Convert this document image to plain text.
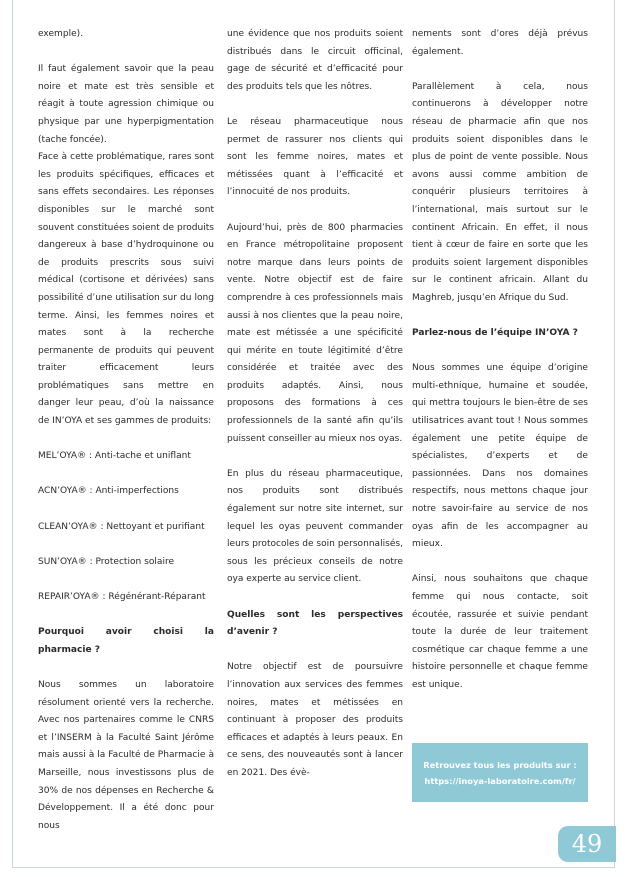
exemple).

Il faut également savoir que la peau noire et mate est très sensible et réagit à toute agression chimique ou physique par une hyperpigmentation (tache foncée).

Face à cette problématique, rares sont les produits spécifiques, efficaces et sans effets secondaires. Les réponses disponibles sur le marché sont souvent constituées soient de produits dangereux à base d’hydroquinone ou de produits prescrits sous suivi médical (cortisone et dérivées) sans possibilité d’une utilisation sur du long terme. Ainsi, les femmes noires et mates sont à la recherche permanente de produits qui peuvent traiter efficacement leurs problématiques sans mettre en danger leur peau, d’où la naissance de IN’OYA et ses gammes de produits:

MEL’OYA® : Anti-tache et uniflant

ACN’OYA® : Anti-imperfections

CLEAN’OYA® : Nettoyant et purifiant

SUN’OYA® : Protection solaire

REPAIR’OYA® : Régénérant-Réparant

Pourquoi avoir choisi la pharmacie ?

Nous sommes un laboratoire résolument orienté vers la recherche. Avec nos partenaires comme le CNRS et l’INSERM à la Faculté Saint Jérôme mais aussi à la Faculté de Pharmacie à Marseille, nous investissons plus de 30% de nos dépenses en Recherche & Développement. Il a été donc pour nous

une évidence que nos produits soient distribués dans le circuit officinal, gage de sécurité et d’efficacité pour des produits tels que les nôtres.

Le réseau pharmaceutique nous permet de rassurer nos clients qui sont les femme noires, mates et métissées quant à l’efficacité et l’innocuité de nos produits.

Aujourd’hui, près de 800 pharmacies en France métropolitaine proposent notre marque dans leurs points de vente. Notre objectif est de faire comprendre à ces professionnels mais aussi à nos clientes que la peau noire, mate est métissée a une spécificité qui mérite en toute légitimité d’être considérée et traitée avec des produits adaptés. Ainsi, nous proposons des formations à ces professionnels de la santé afin qu’ils puissent conseiller au mieux nos oyas.

En plus du réseau pharmaceutique, nos produits sont distribués également sur notre site internet, sur lequel les oyas peuvent commander leurs protocoles de soin personnalisés, sous les précieux conseils de notre oya experte au service client.

Quelles sont les perspectives d’avenir ?

Notre objectif est de poursuivre l’innovation aux services des femmes noires, mates et métissées en continuant à proposer des produits efficaces et adaptés à leurs peaux. En ce sens, des nouveautés sont à lancer en 2021. Des évè-

nements sont d’ores déjà prévus également.

Parallèlement à cela, nous continuerons à développer notre réseau de pharmacie afin que nos produits soient disponibles dans le plus de point de vente possible. Nous avons aussi comme ambition de conquérir plusieurs territoires à l’international, mais surtout sur le continent Africain. En effet, il nous tient à cœur de faire en sorte que les produits soient largement disponibles sur le continent africain. Allant du Maghreb, jusqu’en Afrique du Sud.

Parlez-nous de l’équipe IN’OYA ?

Nous sommes une équipe d’origine multi-ethnique, humaine et soudée, qui mettra toujours le bien-être de ses utilisatrices avant tout ! Nous sommes également une petite équipe de spécialistes, d’experts et de passionnées. Dans nos domaines respectifs, nous mettons chaque jour notre savoir-faire au service de nos oyas afin de les accompagner au mieux.

Ainsi, nous souhaitons que chaque femme qui nous contacte, soit écoutée, rassurée et suivie pendant toute la durée de leur traitement cosmétique car chaque femme a une histoire personnelle et chaque femme est unique.

Retrouvez tous les produits sur :
https://inoya-laboratoire.com/fr/
49
